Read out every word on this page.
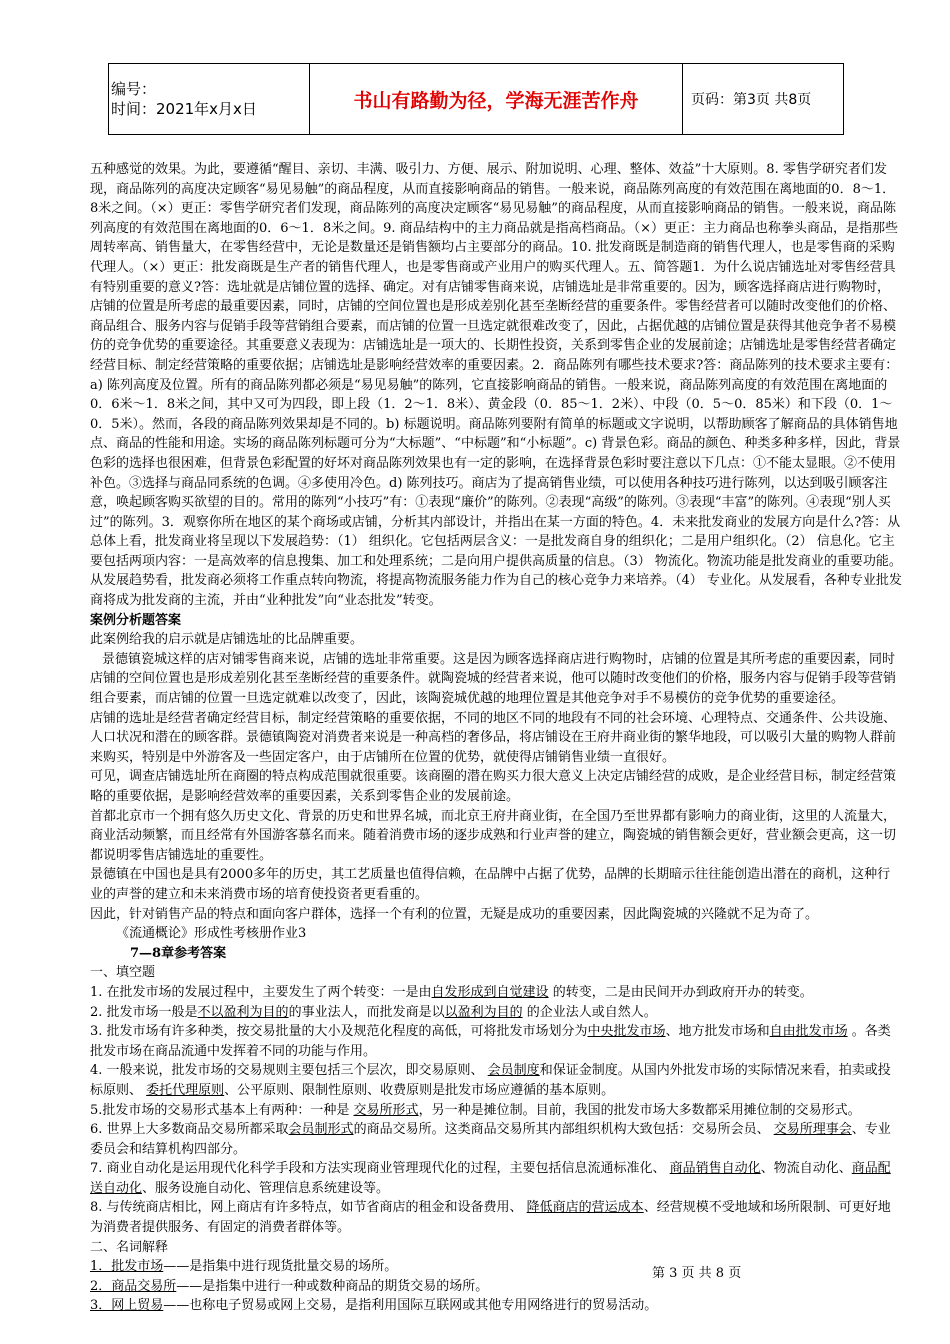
编号：
时间：2021年x月x日	书山有路勤为径，学海无涯苦作舟	页码：第3页 共8页

五种感觉的效果。为此，要遵循“醒目、亲切、丰满、吸引力、方便、展示、附加说明、心理、整体、效益”十大原则。8. 零售学研究者们发现，商品陈列的高度决定顾客“易见易触”的商品程度，从而直接影响商品的销售。一般来说，商品陈列高度的有效范围在离地面的0．8～1．8米之间。（×）更正：零售学研究者们发现，商品陈列的高度决定顾客“易见易触”的商品程度，从而直接影响商品的销售。一般来说，商品陈列高度的有效范围在离地面的0．6～1．8米之间。9. 商品结构中的主力商品就是指高档商品。（×）更正：主力商品也称拳头商品，是指那些周转率高、销售量大，在零售经营中，无论是数量还是销售额均占主要部分的商品。10. 批发商既是制造商的销售代理人，也是零售商的采购代理人。（×）更正：批发商既是生产者的销售代理人，也是零售商或产业用户的购买代理人。五、简答题1．为什么说店铺选址对零售经营具有特别重要的意义?答：选址就是店铺位置的选择、确定。对有店铺零售商来说，店铺选址是非常重要的。因为，顾客选择商店进行购物时，店铺的位置是所考虑的最重要因素，同时，店铺的空间位置也是形成差别化甚至垄断经营的重要条件。零售经营者可以随时改变他们的价格、商品组合、服务内容与促销手段等营销组合要素，而店铺的位置一旦选定就很难改变了，因此，占据优越的店铺位置是获得其他竞争者不易模仿的竞争优势的重要途径。其重要意义表现为：店铺选址是一项大的、长期性投资，关系到零售企业的发展前途；店铺选址是零售经营者确定经营目标、制定经营策略的重要依据；店铺选址是影响经营效率的重要因素。2．商品陈列有哪些技术要求?答：商品陈列的技术要求主要有：a) 陈列高度及位置。所有的商品陈列都必须是“易见易触”的陈列，它直接影响商品的销售。一般来说，商品陈列高度的有效范围在离地面的0．6米～1．8米之间，其中又可为四段，即上段（1．2～1．8米）、黄金段（0．85～1．2米）、中段（0．5～0．85米）和下段（0．1～0．5米）。然而，各段的商品陈列效果却是不同的。b) 标题说明。商品陈列要附有简单的标题或文字说明，以帮助顾客了解商品的具体销售地点、商品的性能和用途。实场的商品陈列标题可分为“大标题”、“中标题”和“小标题”。c) 背景色彩。商品的颜色、种类多种多样，因此，背景色彩的选择也很困难，但背景色彩配置的好坏对商品陈列效果也有一定的影响，在选择背景色彩时要注意以下几点：①不能太显眼。②不使用补色。③选择与商品同系统的色调。④多使用冷色。d) 陈列技巧。商店为了提高销售业绩，可以使用各种技巧进行陈列，以达到吸引顾客注意，唤起顾客购买欲望的目的。常用的陈列“小技巧”有：①表现“廉价”的陈列。②表现“高级”的陈列。③表现“丰富”的陈列。④表现“别人买过”的陈列。3．观察你所在地区的某个商场或店铺，分析其内部设计，并指出在某一方面的特色。4．未来批发商业的发展方向是什么?答：从总体上看，批发商业将呈现以下发展趋势：（1） 组织化。它包括两层含义：一是批发商自身的组织化；二是用户组织化。（2） 信息化。它主要包括两项内容：一是高效率的信息搜集、加工和处理系统；二是向用户提供高质量的信息。（3） 物流化。物流功能是批发商业的重要功能。从发展趋势看，批发商必须将工作重点转向物流，将提高物流服务能力作为自己的核心竞争力来培养。（4） 专业化。从发展看，各种专业批发商将成为批发商的主流，并由“业种批发”向“业态批发”转变。

案例分析题答案

此案例给我的启示就是店铺选址的比品牌重要。

景德镇瓷城这样的店对铺零售商来说，店铺的选址非常重要。这是因为顾客选择商店进行购物时，店铺的位置是其所考虑的重要因素，同时店铺的空间位置也是形成差别化甚至垄断经营的重要条件。就陶瓷城的经营者来说，他可以随时改变他们的价格，服务内容与促销手段等营销组合要素，而店铺的位置一旦选定就难以改变了，因此，该陶瓷城优越的地理位置是其他竞争对手不易模仿的竞争优势的重要途径。

店铺的选址是经营者确定经营目标，制定经营策略的重要依据，不同的地区不同的地段有不同的社会环境、心理特点、交通条件、公共设施、人口状况和潜在的顾客群。景德镇陶瓷对消费者来说是一种高档的奢侈品，将店铺设在王府井商业街的繁华地段，可以吸引大量的购物人群前来购买，特别是中外游客及一些固定客户，由于店铺所在位置的优势，就使得店铺销售业绩一直很好。

可见，调查店铺选址所在商圈的特点构成范围就很重要。该商圈的潜在购买力很大意义上决定店铺经营的成败，是企业经营目标，制定经营策略的重要依据，是影响经营效率的重要因素，关系到零售企业的发展前途。

首都北京市一个拥有悠久历史文化、背景的历史和世界名城，而北京王府井商业街，在全国乃至世界都有影响力的商业街，这里的人流量大，商业活动频繁，而且经常有外国游客慕名而来。随着消费市场的逐步成熟和行业声誉的建立，陶瓷城的销售额会更好，营业额会更高，这一切都说明零售店铺选址的重要性。

景德镇在中国也是具有2000多年的历史，其工艺质量也值得信赖，在品牌中占据了优势，品牌的长期暗示往往能创造出潜在的商机，这种行业的声誉的建立和未来消费市场的培育使投资者更看重的。

因此，针对销售产品的特点和面向客户群体，选择一个有利的位置，无疑是成功的重要因素，因此陶瓷城的兴隆就不足为奇了。

《流通概论》形成性考核册作业3

7—8章参考答案

一、填空题

1. 在批发市场的发展过程中，主要发生了两个转变：一是由自发形成到自觉建设 的转变，二是由民间开办到政府开办的转变。

2. 批发市场一般是不以盈利为目的的事业法人，而批发商是以以盈利为目的 的企业法人或自然人。

3. 批发市场有许多种类，按交易批量的大小及规范化程度的高低，可将批发市场划分为中央批发市场、地方批发市场和自由批发市场 。各类批发市场在商品流通中发挥着不同的功能与作用。

4. 一般来说，批发市场的交易规则主要包括三个层次，即交易原则、 会员制度和保证金制度。从国内外批发市场的实际情况来看，拍卖或投标原则、 委托代理原则、公平原则、限制性原则、收费原则是批发市场应遵循的基本原则。

5.批发市场的交易形式基本上有两种：一种是 交易所形式，另一种是摊位制。目前，我国的批发市场大多数都采用摊位制的交易形式。

6. 世界上大多数商品交易所都采取会员制形式的商品交易所。这类商品交易所其内部组织机构大致包括：交易所会员、 交易所理事会、专业委员会和结算机构四部分。

7. 商业自动化是运用现代化科学手段和方法实现商业管理现代化的过程，主要包括信息流通标准化、 商品销售自动化、物流自动化、商品配送自动化、服务设施自动化、管理信息系统建设等。

8. 与传统商店相比，网上商店有许多特点，如节省商店的租金和设备费用、 降低商店的营运成本、经营规模不受地域和场所限制、可更好地为消费者提供服务、有固定的消费者群体等。

二、名词解释

1．批发市场——是指集中进行现货批量交易的场所。

2．商品交易所——是指集中进行一种或数种商品的期货交易的场所。

3．网上贸易——也称电子贸易或网上交易，是指利用国际互联网或其他专用网络进行的贸易活动。

第 3 页 共 8 页
